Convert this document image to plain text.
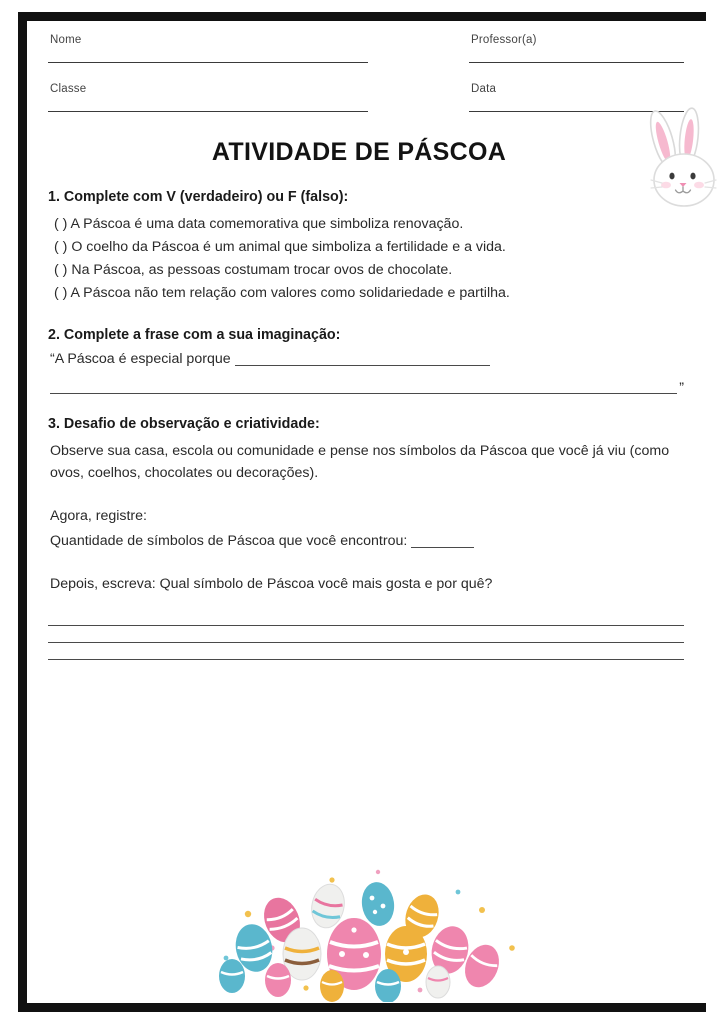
Nome	Professor(a)
Classe	Data
ATIVIDADE DE PÁSCOA
1. Complete com V (verdadeiro) ou F (falso):
( ) A Páscoa é uma data comemorativa que simboliza renovação.
( ) O coelho da Páscoa é um animal que simboliza a fertilidade e a vida.
( ) Na Páscoa, as pessoas costumam trocar ovos de chocolate.
( ) A Páscoa não tem relação com valores como solidariedade e partilha.
2. Complete a frase com a sua imaginação:
“A Páscoa é especial porque
”
3. Desafio de observação e criatividade:
Observe sua casa, escola ou comunidade e pense nos símbolos da Páscoa que você já viu (como ovos, coelhos, chocolates ou decorações).
Agora, registre:
Quantidade de símbolos de Páscoa que você encontrou:
Depois, escreva: Qual símbolo de Páscoa você mais gosta e por quê?
